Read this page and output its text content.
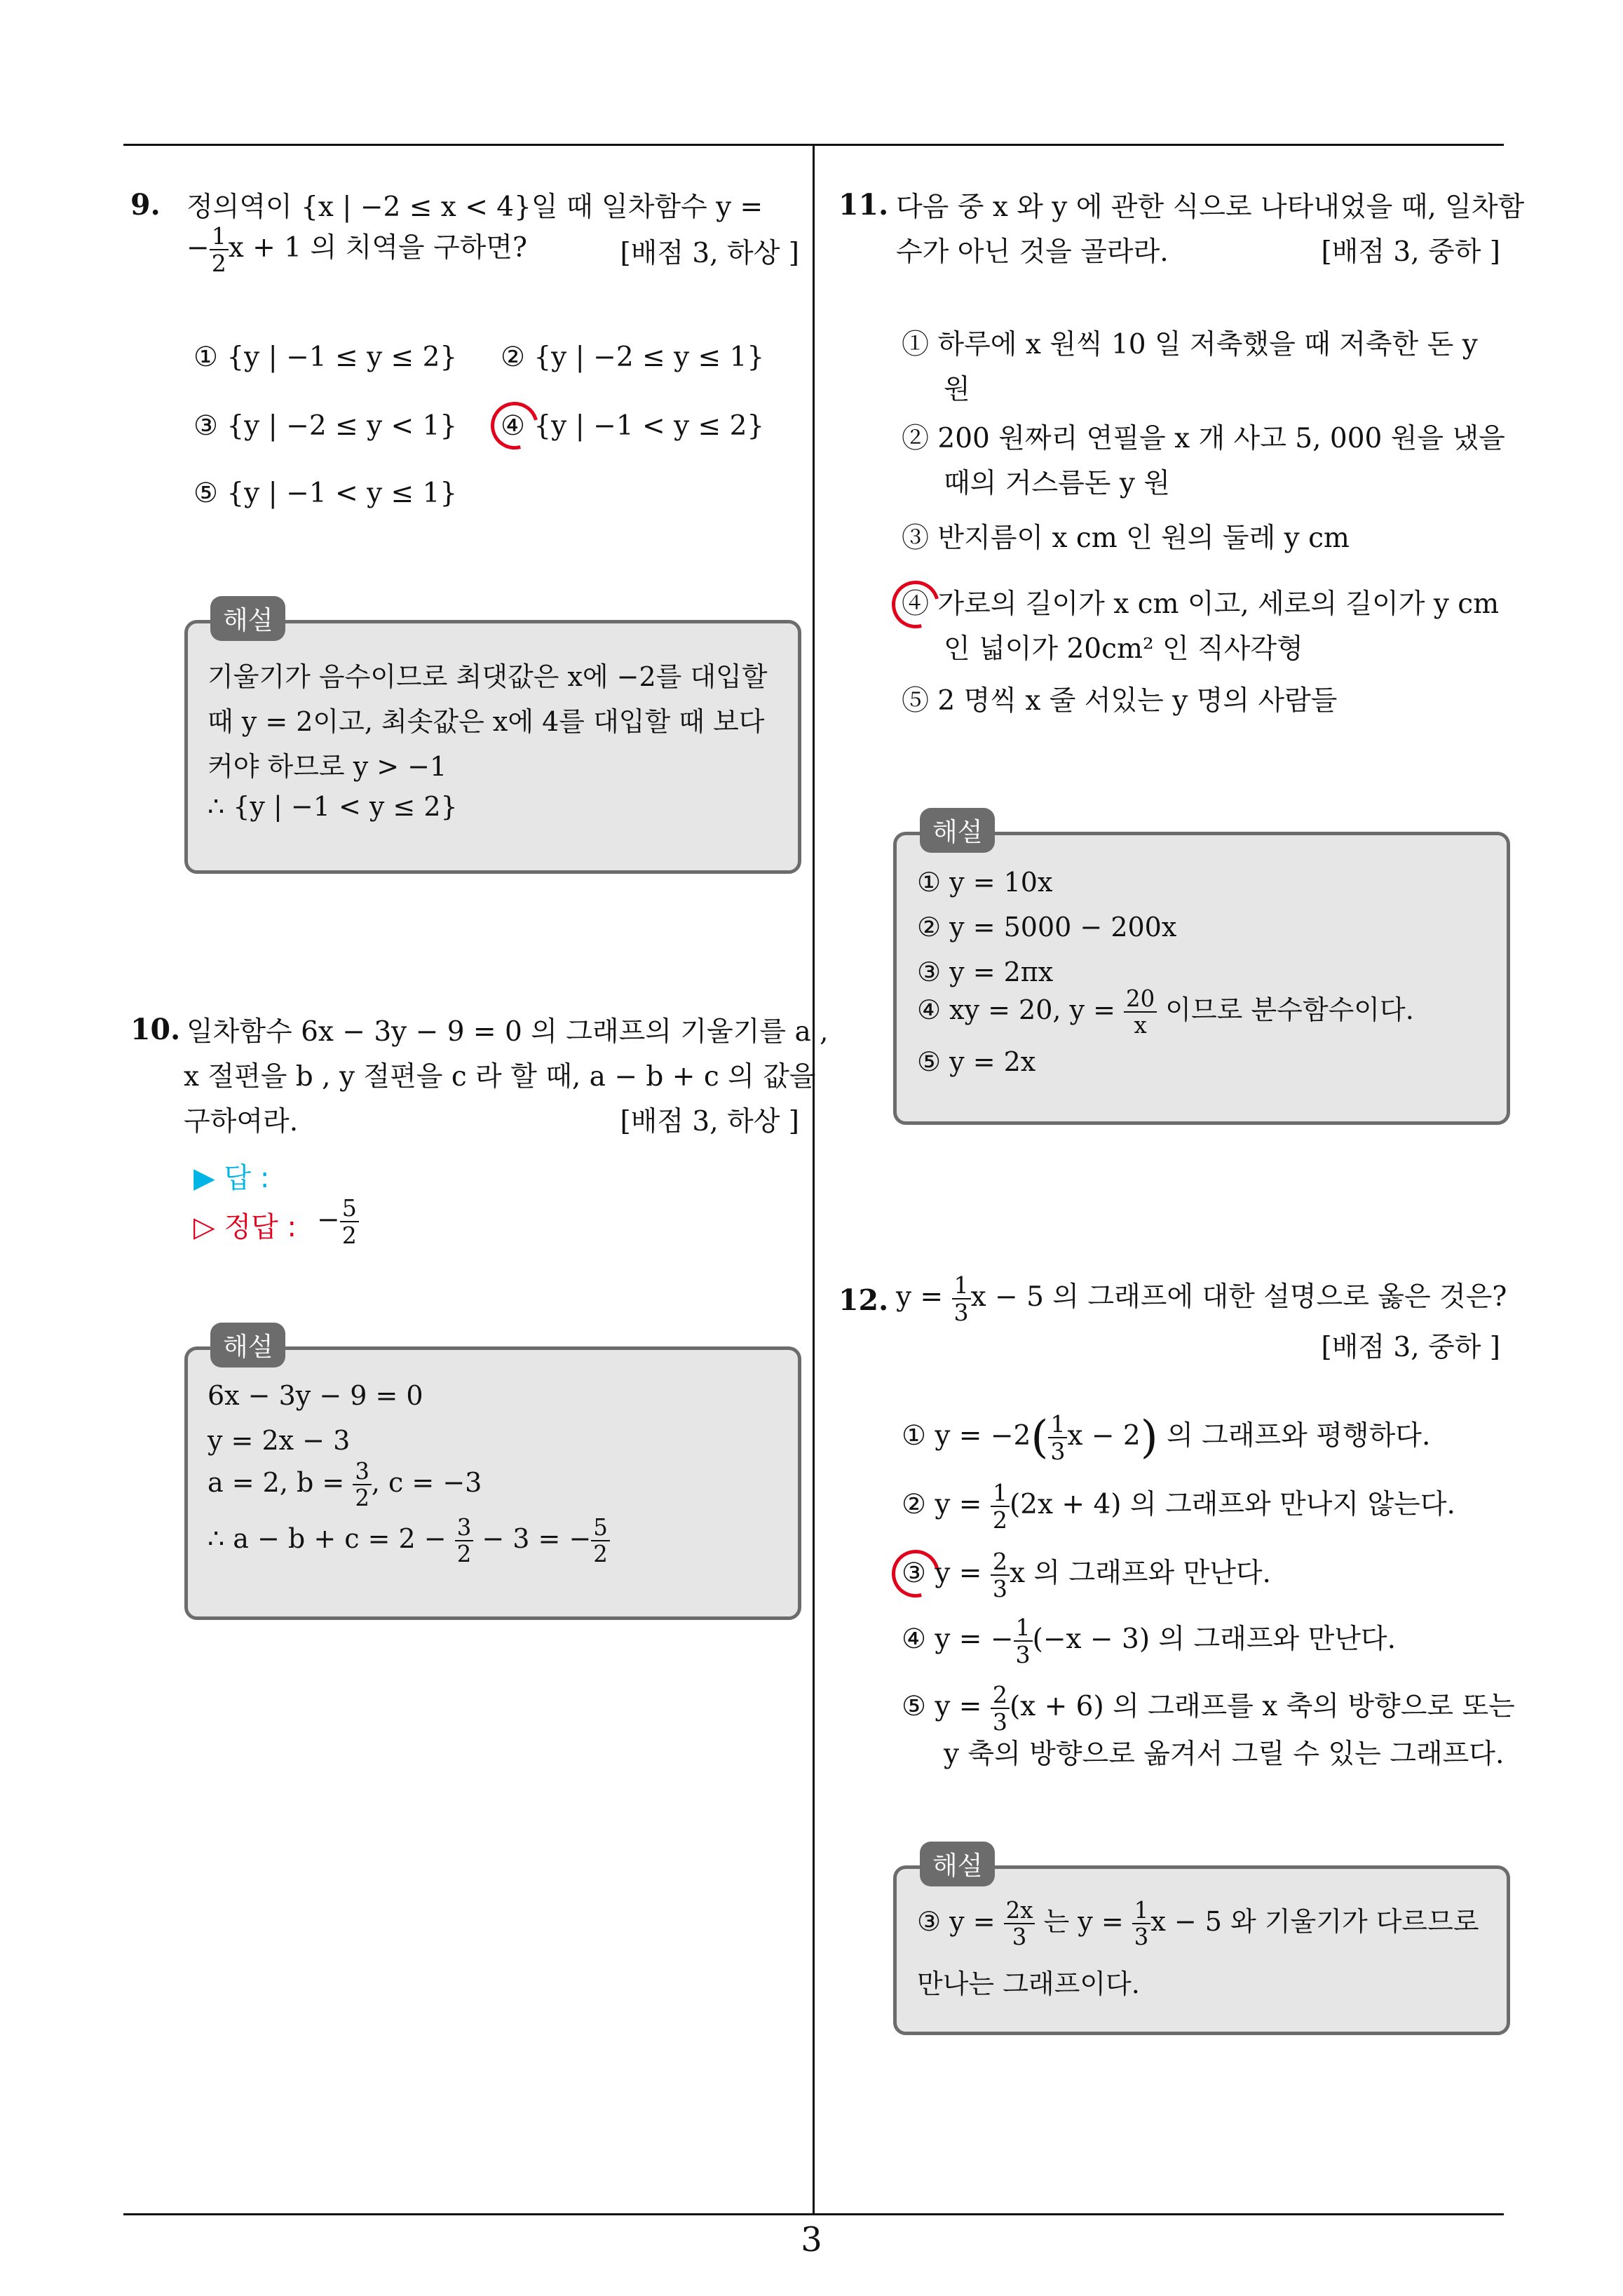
9. 정의역이 {x | −2 ≤ x < 4}일 때 일차함수 y =
− $\frac{1}{2}$ x + 1 의 치역을 구하면?	[배점 3, 하상 ]
① {y | −1 ≤ y ≤ 2} ② {y | −2 ≤ y ≤ 1}
③ {y | −2 ≤ y < 1} ④ {y | −1 < y ≤ 2}
⑤ {y | −1 < y ≤ 1}
해설
기울기가 음수이므로 최댓값은 x에 −2를 대입할
때 y = 2이고, 최솟값은 x에 4를 대입할 때 보다
커야 하므로 y > −1
∴ {y | −1 < y ≤ 2}
10. 일차함수 6x − 3y − 9 = 0 의 그래프의 기울기를 a ,
x 절편을 b , y 절편을 c 라 할 때, a − b + c 의 값을
구하여라.	[배점 3, 하상 ]
▶ 답 :
▷ 정답 : − $\frac{5}{2}$
해설
6x − 3y − 9 = 0
y = 2x − 3
a = 2, $b = \frac{3}{2}$ , c = −3
∴ $a - b + c = 2 - \frac{3}{2} - 3$ = − $\frac{5}{2}$
11. 다음 중 x 와 y 에 관한 식으로 나타내었을 때, 일차함
수가 아닌 것을 골라라.	[배점 3, 중하 ]
① 하루에 x 원씩 10 일 저축했을 때 저축한 돈 y
원
② 200 원짜리 연필을 x 개 사고 5, 000 원을 냈을
때의 거스름돈 y 원
③ 반지름이 x cm 인 원의 둘레 y cm
④ 가로의 길이가 x cm 이고, 세로의 길이가 y cm
인 넓이가 20cm² 인 직사각형
⑤ 2 명씩 x 줄 서있는 y 명의 사람들
해설
① y = 10x
② y = 5000 − 200x
③ y = 2πx
④ xy = 20, $y = \frac{20}{x}$ 이므로 분수함수이다.
⑤ y = 2x
12. $y = \frac{1}{3}$ x − 5 의 그래프에 대한 설명으로 옳은 것은?
[배점 3, 중하 ]
① $y = -2( \frac{1}{3}$ x − 2) 의 그래프와 평행하다.
② $y = \frac{1}{2} (2x + 4)$ 의 그래프와 만나지 않는다.
③ $y = \frac{2}{3}$ x 의 그래프와 만난다.
④ y = − $\frac{1}{3} (-x - 3)$ 의 그래프와 만난다.
⑤ $y = \frac{2}{3} (x + 6)$ 의 그래프를 x 축의 방향으로 또는
y 축의 방향으로 옮겨서 그릴 수 있는 그래프다.
해설
③ $y = \frac{2x}{3}$ 는 $y = \frac{1}{3}$ x − 5 와 기울기가 다르므로
만나는 그래프이다.
3
